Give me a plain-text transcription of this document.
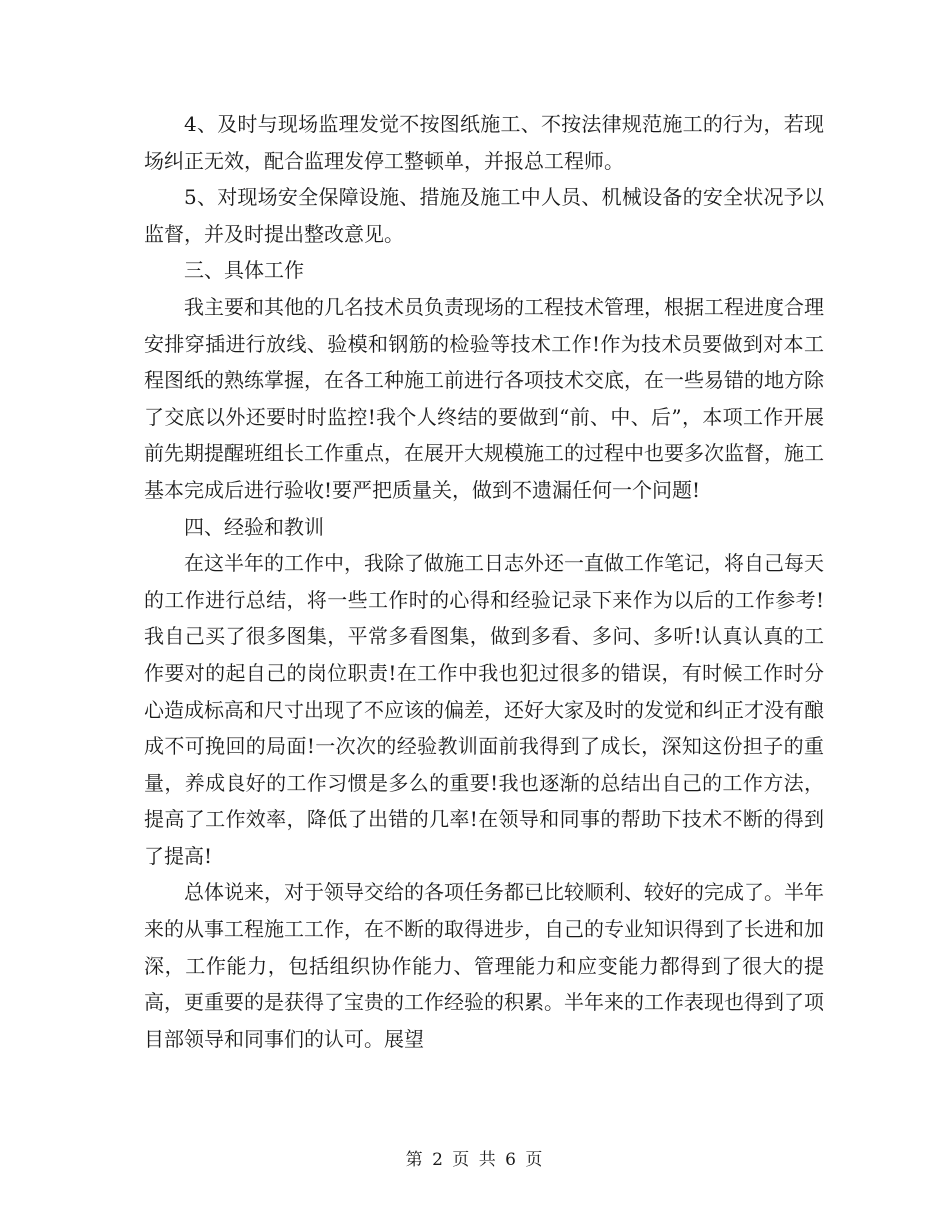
4、及时与现场监理发觉不按图纸施工、不按法律规范施工的行为，若现场纠正无效，配合监理发停工整顿单，并报总工程师。

5、对现场安全保障设施、措施及施工中人员、机械设备的安全状况予以监督，并及时提出整改意见。

三、具体工作

我主要和其他的几名技术员负责现场的工程技术管理，根据工程进度合理安排穿插进行放线、验模和钢筋的检验等技术工作!作为技术员要做到对本工程图纸的熟练掌握，在各工种施工前进行各项技术交底，在一些易错的地方除了交底以外还要时时监控!我个人终结的要做到“前、中、后”，本项工作开展前先期提醒班组长工作重点，在展开大规模施工的过程中也要多次监督，施工基本完成后进行验收!要严把质量关，做到不遗漏任何一个问题!

四、经验和教训

在这半年的工作中，我除了做施工日志外还一直做工作笔记，将自己每天的工作进行总结，将一些工作时的心得和经验记录下来作为以后的工作参考!我自己买了很多图集，平常多看图集，做到多看、多问、多听!认真认真的工作要对的起自己的岗位职责!在工作中我也犯过很多的错误，有时候工作时分心造成标高和尺寸出现了不应该的偏差，还好大家及时的发觉和纠正才没有酿成不可挽回的局面!一次次的经验教训面前我得到了成长，深知这份担子的重量，养成良好的工作习惯是多么的重要!我也逐渐的总结出自己的工作方法，提高了工作效率，降低了出错的几率!在领导和同事的帮助下技术不断的得到了提高!

总体说来，对于领导交给的各项任务都已比较顺利、较好的完成了。半年来的从事工程施工工作，在不断的取得进步，自己的专业知识得到了长进和加深，工作能力，包括组织协作能力、管理能力和应变能力都得到了很大的提高，更重要的是获得了宝贵的工作经验的积累。半年来的工作表现也得到了项目部领导和同事们的认可。展望

第 2 页 共 6 页
